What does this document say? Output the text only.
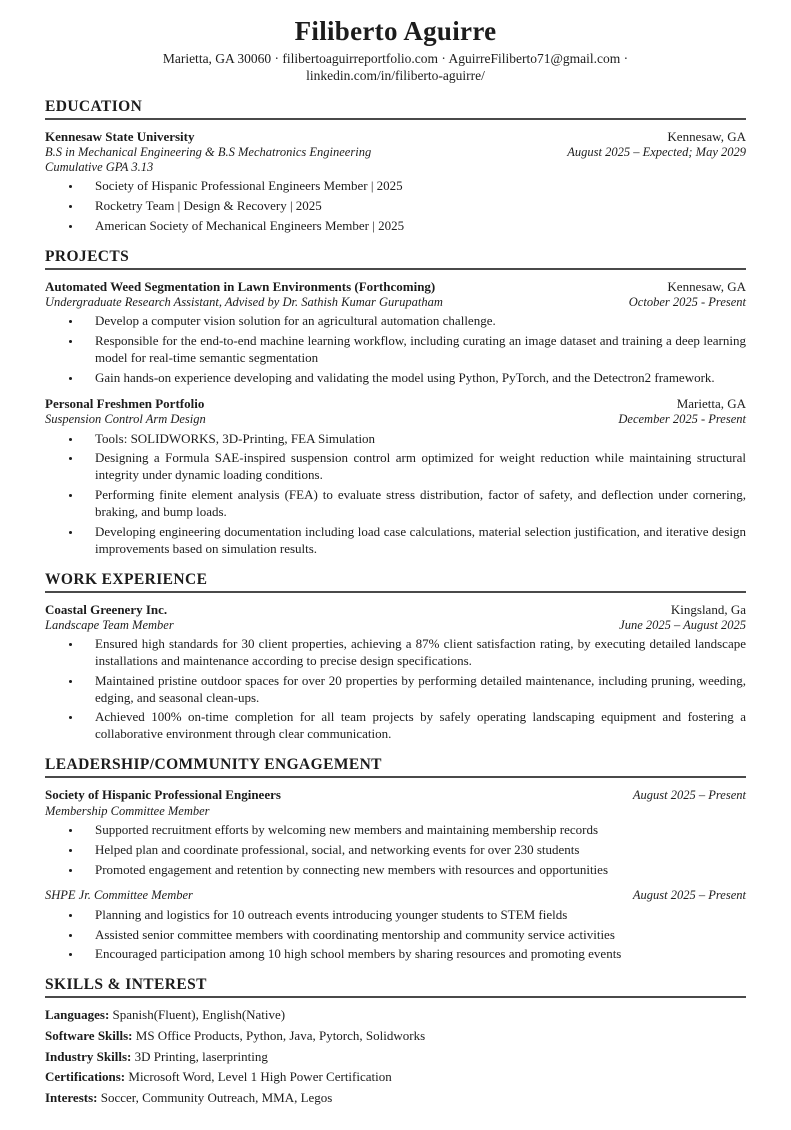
Filiberto Aguirre
Marietta, GA 30060 · filibertoaguirreportfolio.com · AguirreFiliberto71@gmail.com ·
linkedin.com/in/filiberto-aguirre/
EDUCATION
Kennesaw State University	Kennesaw, GA
B.S in Mechanical Engineering & B.S Mechatronics Engineering	August 2025 – Expected; May 2029
Cumulative GPA 3.13
• Society of Hispanic Professional Engineers Member | 2025
• Rocketry Team | Design & Recovery | 2025
• American Society of Mechanical Engineers Member | 2025
PROJECTS
Automated Weed Segmentation in Lawn Environments (Forthcoming)	Kennesaw, GA
Undergraduate Research Assistant, Advised by Dr. Sathish Kumar Gurupatham	October 2025 - Present
• Develop a computer vision solution for an agricultural automation challenge.
• Responsible for the end-to-end machine learning workflow, including curating an image dataset and training a deep learning model for real-time semantic segmentation
• Gain hands-on experience developing and validating the model using Python, PyTorch, and the Detectron2 framework.
Personal Freshmen Portfolio	Marietta, GA
Suspension Control Arm Design	December 2025 - Present
• Tools: SOLIDWORKS, 3D-Printing, FEA Simulation
• Designing a Formula SAE-inspired suspension control arm optimized for weight reduction while maintaining structural integrity under dynamic loading conditions.
• Performing finite element analysis (FEA) to evaluate stress distribution, factor of safety, and deflection under cornering, braking, and bump loads.
• Developing engineering documentation including load case calculations, material selection justification, and iterative design improvements based on simulation results.
WORK EXPERIENCE
Coastal Greenery Inc.	Kingsland, Ga
Landscape Team Member	June 2025 – August 2025
• Ensured high standards for 30 client properties, achieving a 87% client satisfaction rating, by executing detailed landscape installations and maintenance according to precise design specifications.
• Maintained pristine outdoor spaces for over 20 properties by performing detailed maintenance, including pruning, weeding, edging, and seasonal clean-ups.
• Achieved 100% on-time completion for all team projects by safely operating landscaping equipment and fostering a collaborative environment through clear communication.
LEADERSHIP/COMMUNITY ENGAGEMENT
Society of Hispanic Professional Engineers	August 2025 – Present
Membership Committee Member
• Supported recruitment efforts by welcoming new members and maintaining membership records
• Helped plan and coordinate professional, social, and networking events for over 230 students
• Promoted engagement and retention by connecting new members with resources and opportunities
SHPE Jr. Committee Member	August 2025 – Present
• Planning and logistics for 10 outreach events introducing younger students to STEM fields
• Assisted senior committee members with coordinating mentorship and community service activities
• Encouraged participation among 10 high school members by sharing resources and promoting events
SKILLS & INTEREST
Languages: Spanish(Fluent), English(Native)
Software Skills: MS Office Products, Python, Java, Pytorch, Solidworks
Industry Skills: 3D Printing, laserprinting
Certifications: Microsoft Word, Level 1 High Power Certification
Interests: Soccer, Community Outreach, MMA, Legos
